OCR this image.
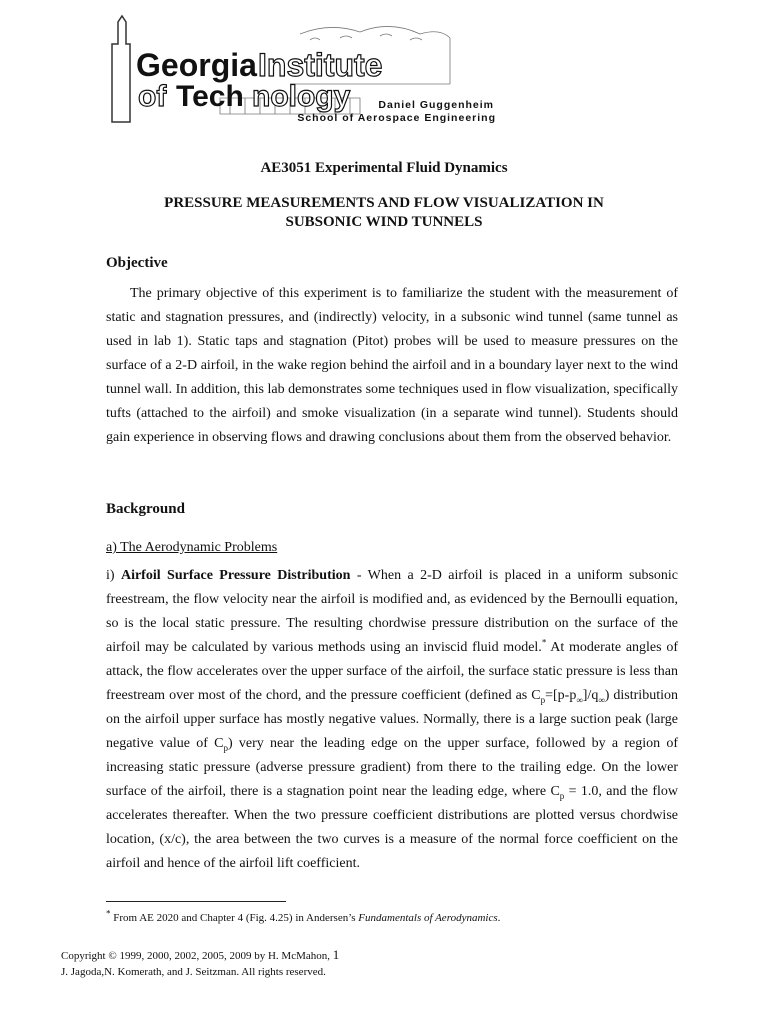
Georgia Institute
of Tech nology	Daniel Guggenheim
School of Aerospace Engineering
AE3051 Experimental Fluid Dynamics
PRESSURE MEASUREMENTS AND FLOW VISUALIZATION IN
SUBSONIC WIND TUNNELS
Objective

The primary objective of this experiment is to familiarize the student with the measurement of static and stagnation pressures, and (indirectly) velocity, in a subsonic wind tunnel (same tunnel as used in lab 1). Static taps and stagnation (Pitot) probes will be used to measure pressures on the surface of a 2-D airfoil, in the wake region behind the airfoil and in a boundary layer next to the wind tunnel wall. In addition, this lab demonstrates some techniques used in flow visualization, specifically tufts (attached to the airfoil) and smoke visualization (in a separate wind tunnel). Students should gain experience in observing flows and drawing conclusions about them from the observed behavior.

Background
a) The Aerodynamic Problems

i) Airfoil Surface Pressure Distribution - When a 2-D airfoil is placed in a uniform subsonic freestream, the flow velocity near the airfoil is modified and, as evidenced by the Bernoulli equation, so is the local static pressure. The resulting chordwise pressure distribution on the surface of the airfoil may be calculated by various methods using an inviscid fluid model.* At moderate angles of attack, the flow accelerates over the upper surface of the airfoil, the surface static pressure is less than freestream over most of the chord, and the pressure coefficient (defined as $C_p=[p-p_\infty]/q_\infty$) distribution on the airfoil upper surface has mostly negative values. Normally, there is a large suction peak (large negative value of $C_p$) very near the leading edge on the upper surface, followed by a region of increasing static pressure (adverse pressure gradient) from there to the trailing edge. On the lower surface of the airfoil, there is a stagnation point near the leading edge, where $C_p = 1.0$, and the flow accelerates thereafter. When the two pressure coefficient distributions are plotted versus chordwise location, (x/c), the area between the two curves is a measure of the normal force coefficient on the airfoil and hence of the airfoil lift coefficient.

* From AE 2020 and Chapter 4 (Fig. 4.25) in Andersen’s Fundamentals of Aerodynamics.
Copyright © 1999, 2000, 2002, 2005, 2009 by H. McMahon, 1
J. Jagoda,N. Komerath, and J. Seitzman. All rights reserved.
